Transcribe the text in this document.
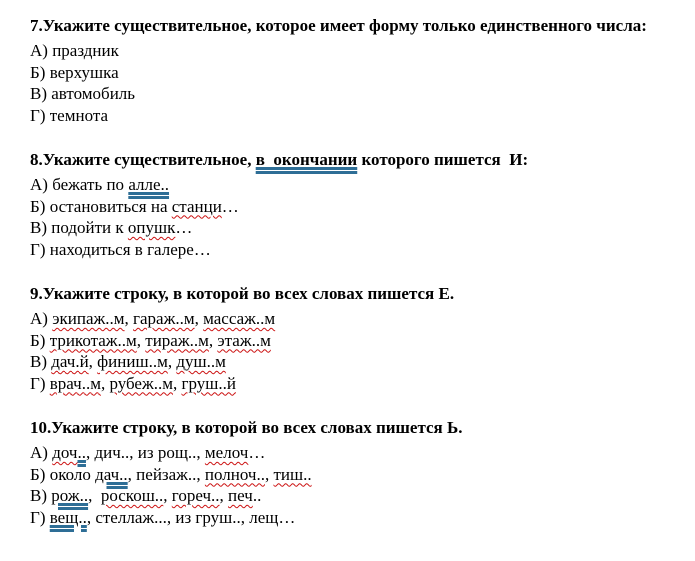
7.Укажите существительное, которое имеет форму только единственного числа:

А) праздник

Б) верхушка

В) автомобиль

Г) темнота

8.Укажите существительное, в  окончании которого пишется  И:

А) бежать по алле..

Б) остановиться на станци…

В) подойти к опушк…

Г) находиться в галере…

9.Укажите строку, в которой во всех словах пишется Е.

А) экипаж..м, гараж..м, массаж..м

Б) трикотаж..м, тираж..м, этаж..м

В) дач.й, финиш..м, душ..м

Г) врач..м, рубеж..м, груш..й

10.Укажите строку, в которой во всех словах пишется Ь.

А) доч.., дич.., из рощ.., мелоч…

Б) около дач.., пейзаж.., полноч.., тиш..

В) рож..,  роскош.., гореч.., печ..

Г) вещ.., стеллаж..., из груш.., лещ…
